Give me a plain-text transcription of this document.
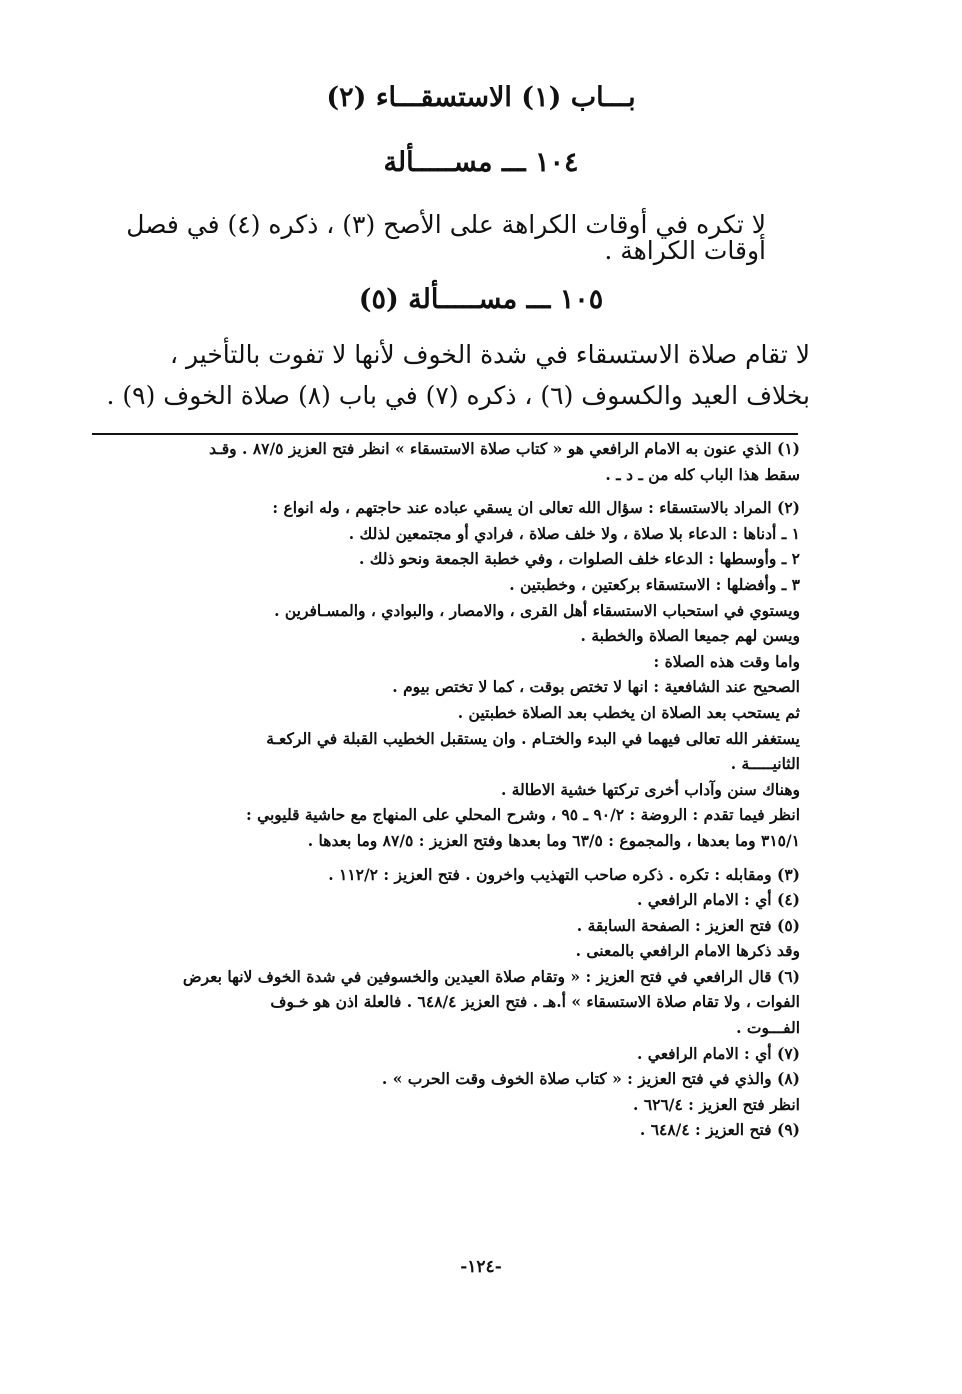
بـــاب (١) الاستسقـــاء (٢)
١٠٤ ـــ مســـــألة
لا تكره في أوقات الكراهة على الأصح (٣) ، ذكره (٤) في فصل أوقات الكراهة .
١٠٥ ـــ مســـــألة (٥)
لا تقام صلاة الاستسقاء في شدة الخوف لأنها لا تفوت بالتأخير ، بخلاف العيد والكسوف (٦) ، ذكره (٧) في باب (٨) صلاة الخوف (٩) .
(١) الذي عنون به الامام الرافعي هو « كتاب صلاة الاستسقاء » انظر فتح العزيز ٨٧/٥ . وقـد
سقط هذا الباب كله من ـ د ـ .
(٢) المراد بالاستسقاء : سؤال الله تعالى ان يسقي عباده عند حاجتهم ، وله انواع :
١ ـ أدناها : الدعاء بلا صلاة ، ولا خلف صلاة ، فرادي أو مجتمعين لذلك .
٢ ـ وأوسطها : الدعاء خلف الصلوات ، وفي خطبة الجمعة ونحو ذلك .
٣ ـ وأفضلها : الاستسقاء بركعتين ، وخطبتين .
ويستوي في استحباب الاستسقاء أهل القرى ، والامصار ، والبوادي ، والمسـافرين .
ويسن لهم جميعا الصلاة والخطبة .
واما وقت هذه الصلاة :
الصحيح عند الشافعية : انها لا تختص بوقت ، كما لا تختص بيوم .
ثم يستحب بعد الصلاة ان يخطب بعد الصلاة خطبتين .
يستغفر الله تعالى فيهما في البدء والختـام . وان يستقبل الخطيب القبلة في الركعـة
الثانيـــــة .
وهناك سنن وآداب أخرى تركتها خشية الاطالة .
انظر فيما تقدم : الروضة : ٩٠/٢ ـ ٩٥ ، وشرح المحلي على المنهاج مع حاشية قليوبي :
٣١٥/١ وما بعدها ، والمجموع : ٦٣/٥ وما بعدها وفتح العزيز : ٨٧/٥ وما بعدها .
(٣) ومقابله : تكره . ذكره صاحب التهذيب واخرون . فتح العزيز : ١١٢/٢ .
(٤) أي : الامام الرافعي .
(٥) فتح العزيز : الصفحة السابقة .
وقد ذكرها الامام الرافعي بالمعنى .
(٦) قال الرافعي في فتح العزيز : « وتقام صلاة العيدين والخسوفين في شدة الخوف لانها بعرض
الفوات ، ولا تقام صلاة الاستسقاء » أ.هـ . فتح العزيز ٦٤٨/٤ . فالعلة اذن هو خـوف
الفـــوت .
(٧) أي : الامام الرافعي .
(٨) والذي في فتح العزيز : « كتاب صلاة الخوف وقت الحرب » .
انظر فتح العزيز : ٦٢٦/٤ .
(٩) فتح العزيز : ٦٤٨/٤ .
-١٢٤-
